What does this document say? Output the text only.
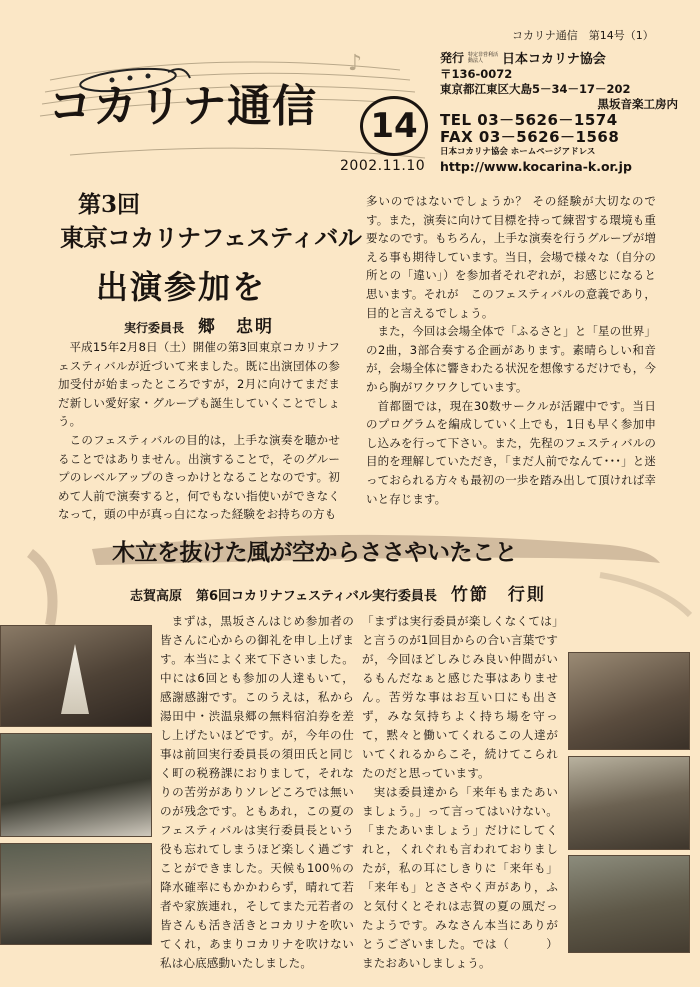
コカリナ通信　第14号（1）
発行 特定非営利活動法人	日本コカリナ協会
〒136-0072
東京都江東区大島5－34－17－202
黒坂音楽工房内
TEL 03－5626－1574
FAX 03－5626－1568
日本コカリナ協会 ホームページアドレス
http://www.kocarina-k.or.jp
♪
コカリナ通信	14
2002.11.10
第3回
東京コカリナフェスティバル
出演参加を
実行委員長 郷　忠明

平成15年2月8日（土）開催の第3回東京コカリナフェスティバルが近づいて来ました。既に出演団体の参加受付が始まったところですが，2月に向けてまだまだ新しい愛好家・グループも誕生していくことでしょう。

このフェスティバルの目的は，上手な演奏を聴かせることではありません。出演することで，そのグループのレベルアップのきっかけとなることなのです。初めて人前で演奏すると，何でもない指使いができなくなって，頭の中が真っ白になった経験をお持ちの方も

多いのではないでしょうか？ その経験が大切なのです。また，演奏に向けて目標を持って練習する環境も重要なのです。もちろん，上手な演奏を行うグループが増える事も期待しています。当日，会場で様々な（自分の所との「違い」）を参加者それぞれが，お感じになると思います。それが　このフェスティバルの意義であり，目的と言えるでしょう。

また，今回は会場全体で「ふるさと」と「星の世界」の2曲，3部合奏する企画があります。素晴らしい和音が，会場全体に響きわたる状況を想像するだけでも，今から胸がワクワクしています。

首都圏では，現在30数サークルが活躍中です。当日のプログラムを編成していく上でも，1日も早く参加申し込みを行って下さい。また，先程のフェスティバルの目的を理解していただき，「まだ人前でなんて･･･」と迷っておられる方々も最初の一歩を踏み出して頂ければ幸いと存じます。

木立を抜けた風が空からささやいたこと
志賀高原 第6回コカリナフェスティバル実行委員長 竹節　行則

まずは，黒坂さんはじめ参加者の皆さんに心からの御礼を申し上げます。本当によく来て下さいました。中には6回とも参加の人達もいて，感謝感謝です。このうえは，私から湯田中・渋温泉郷の無料宿泊券を差し上げたいほどです。が，今年の仕事は前回実行委員長の須田氏と同じく町の税務課におりまして，それなりの苦労がありソレどころでは無いのが残念です。ともあれ，この夏のフェスティバルは実行委員長という役も忘れてしまうほど楽しく過ごすことができました。天候も100％の降水確率にもかかわらず，晴れて若者や家族連れ，そしてまた元若者の皆さんも活き活きとコカリナを吹いてくれ，あまりコカリナを吹けない私は心底感動いたしました。

「まずは実行委員が楽しくなくては」と言うのが1回目からの合い言葉ですが，今回ほどしみじみ良い仲間がいるもんだなぁと感じた事はありません。苦労な事はお互い口にも出さず，みな気持ちよく持ち場を守って，黙々と働いてくれるこの人達がいてくれるからこそ，続けてこられたのだと思っています。

実は委員達から「来年もまたあいましょう。」って言ってはいけない。「またあいましょう」だけにしてくれと，くれぐれも言われておりましたが，私の耳にしきりに「来年も」「来年も」とささやく声があり，ふと気付くとそれは志賀の夏の風だったようです。みなさん本当にありがとうございました。では（　　　）またおあいしましょう。
